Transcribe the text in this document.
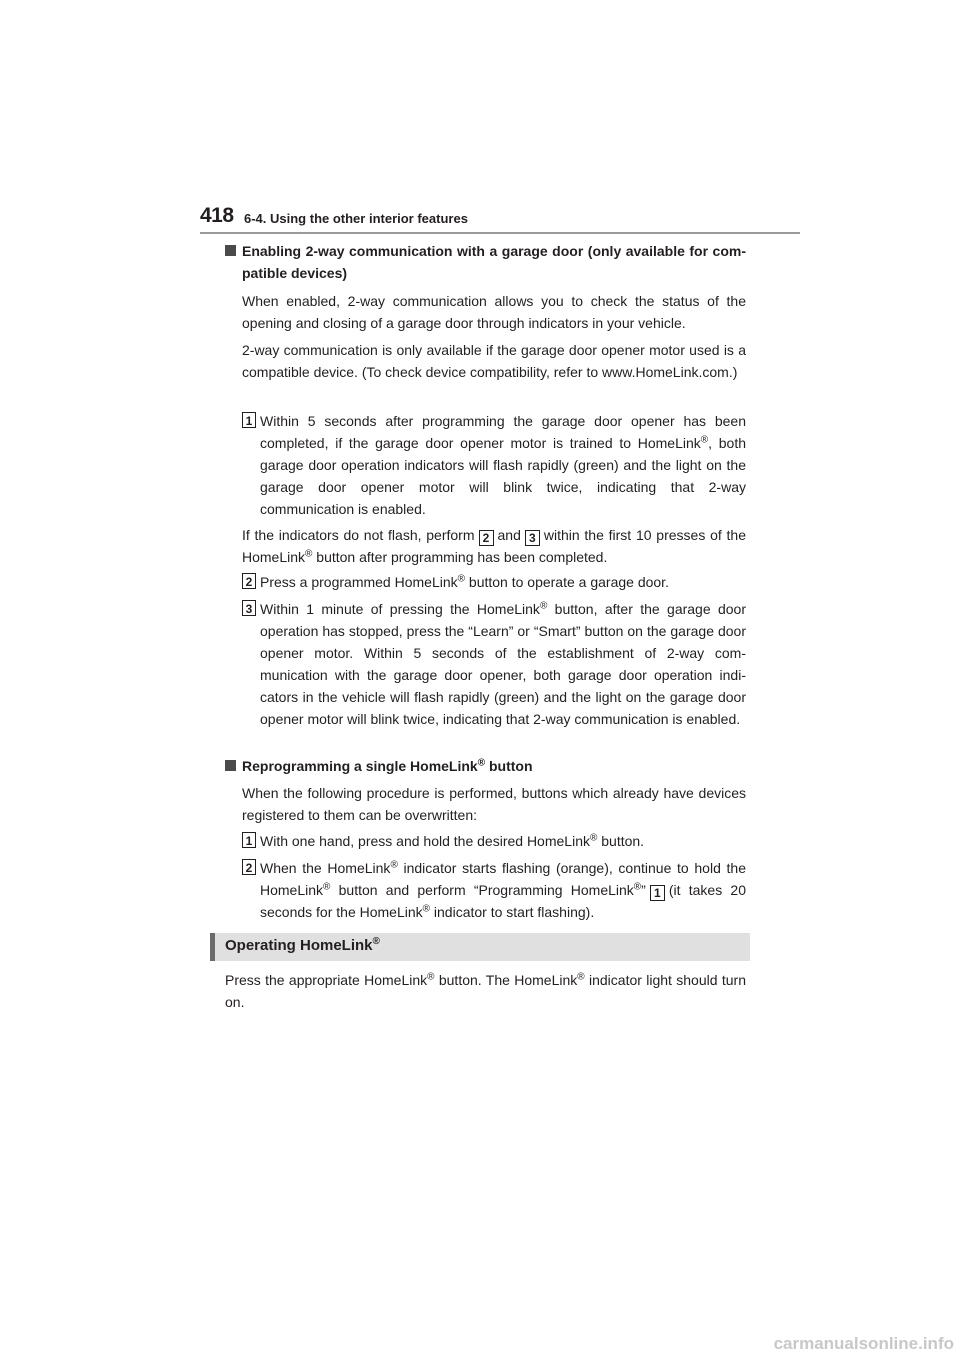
418 6-4. Using the other interior features

Enabling 2-way communication with a garage door (only available for com- patible devices)

When enabled, 2-way communication allows you to check the status of the opening and closing of a garage door through indicators in your vehicle.

2-way communication is only available if the garage door opener motor used is a compatible device. (To check device compatibility, refer to www.HomeLink.com.)

1 Within 5 seconds after programming the garage door opener has been completed, if the garage door opener motor is trained to HomeLink®, both garage door operation indicators will flash rapidly (green) and the light on the garage door opener motor will blink twice, indicating that 2-way communication is enabled.

If the indicators do not flash, perform 2 and 3 within the first 10 presses of the HomeLink® button after programming has been completed.

2 Press a programmed HomeLink® button to operate a garage door.

3 Within 1 minute of pressing the HomeLink® button, after the garage door operation has stopped, press the “Learn” or “Smart” button on the garage door opener motor. Within 5 seconds of the establishment of 2-way com- munication with the garage door opener, both garage door operation indi- cators in the vehicle will flash rapidly (green) and the light on the garage door opener motor will blink twice, indicating that 2-way communication is enabled.

Reprogramming a single HomeLink® button

When the following procedure is performed, buttons which already have devices registered to them can be overwritten:

1 With one hand, press and hold the desired HomeLink® button.

2 When the HomeLink® indicator starts flashing (orange), continue to hold the HomeLink® button and perform “Programming HomeLink®” 1 (it takes 20 seconds for the HomeLink® indicator to start flashing).

Operating HomeLink®

Press the appropriate HomeLink® button. The HomeLink® indicator light should turn on.

carmanualsonline.info
